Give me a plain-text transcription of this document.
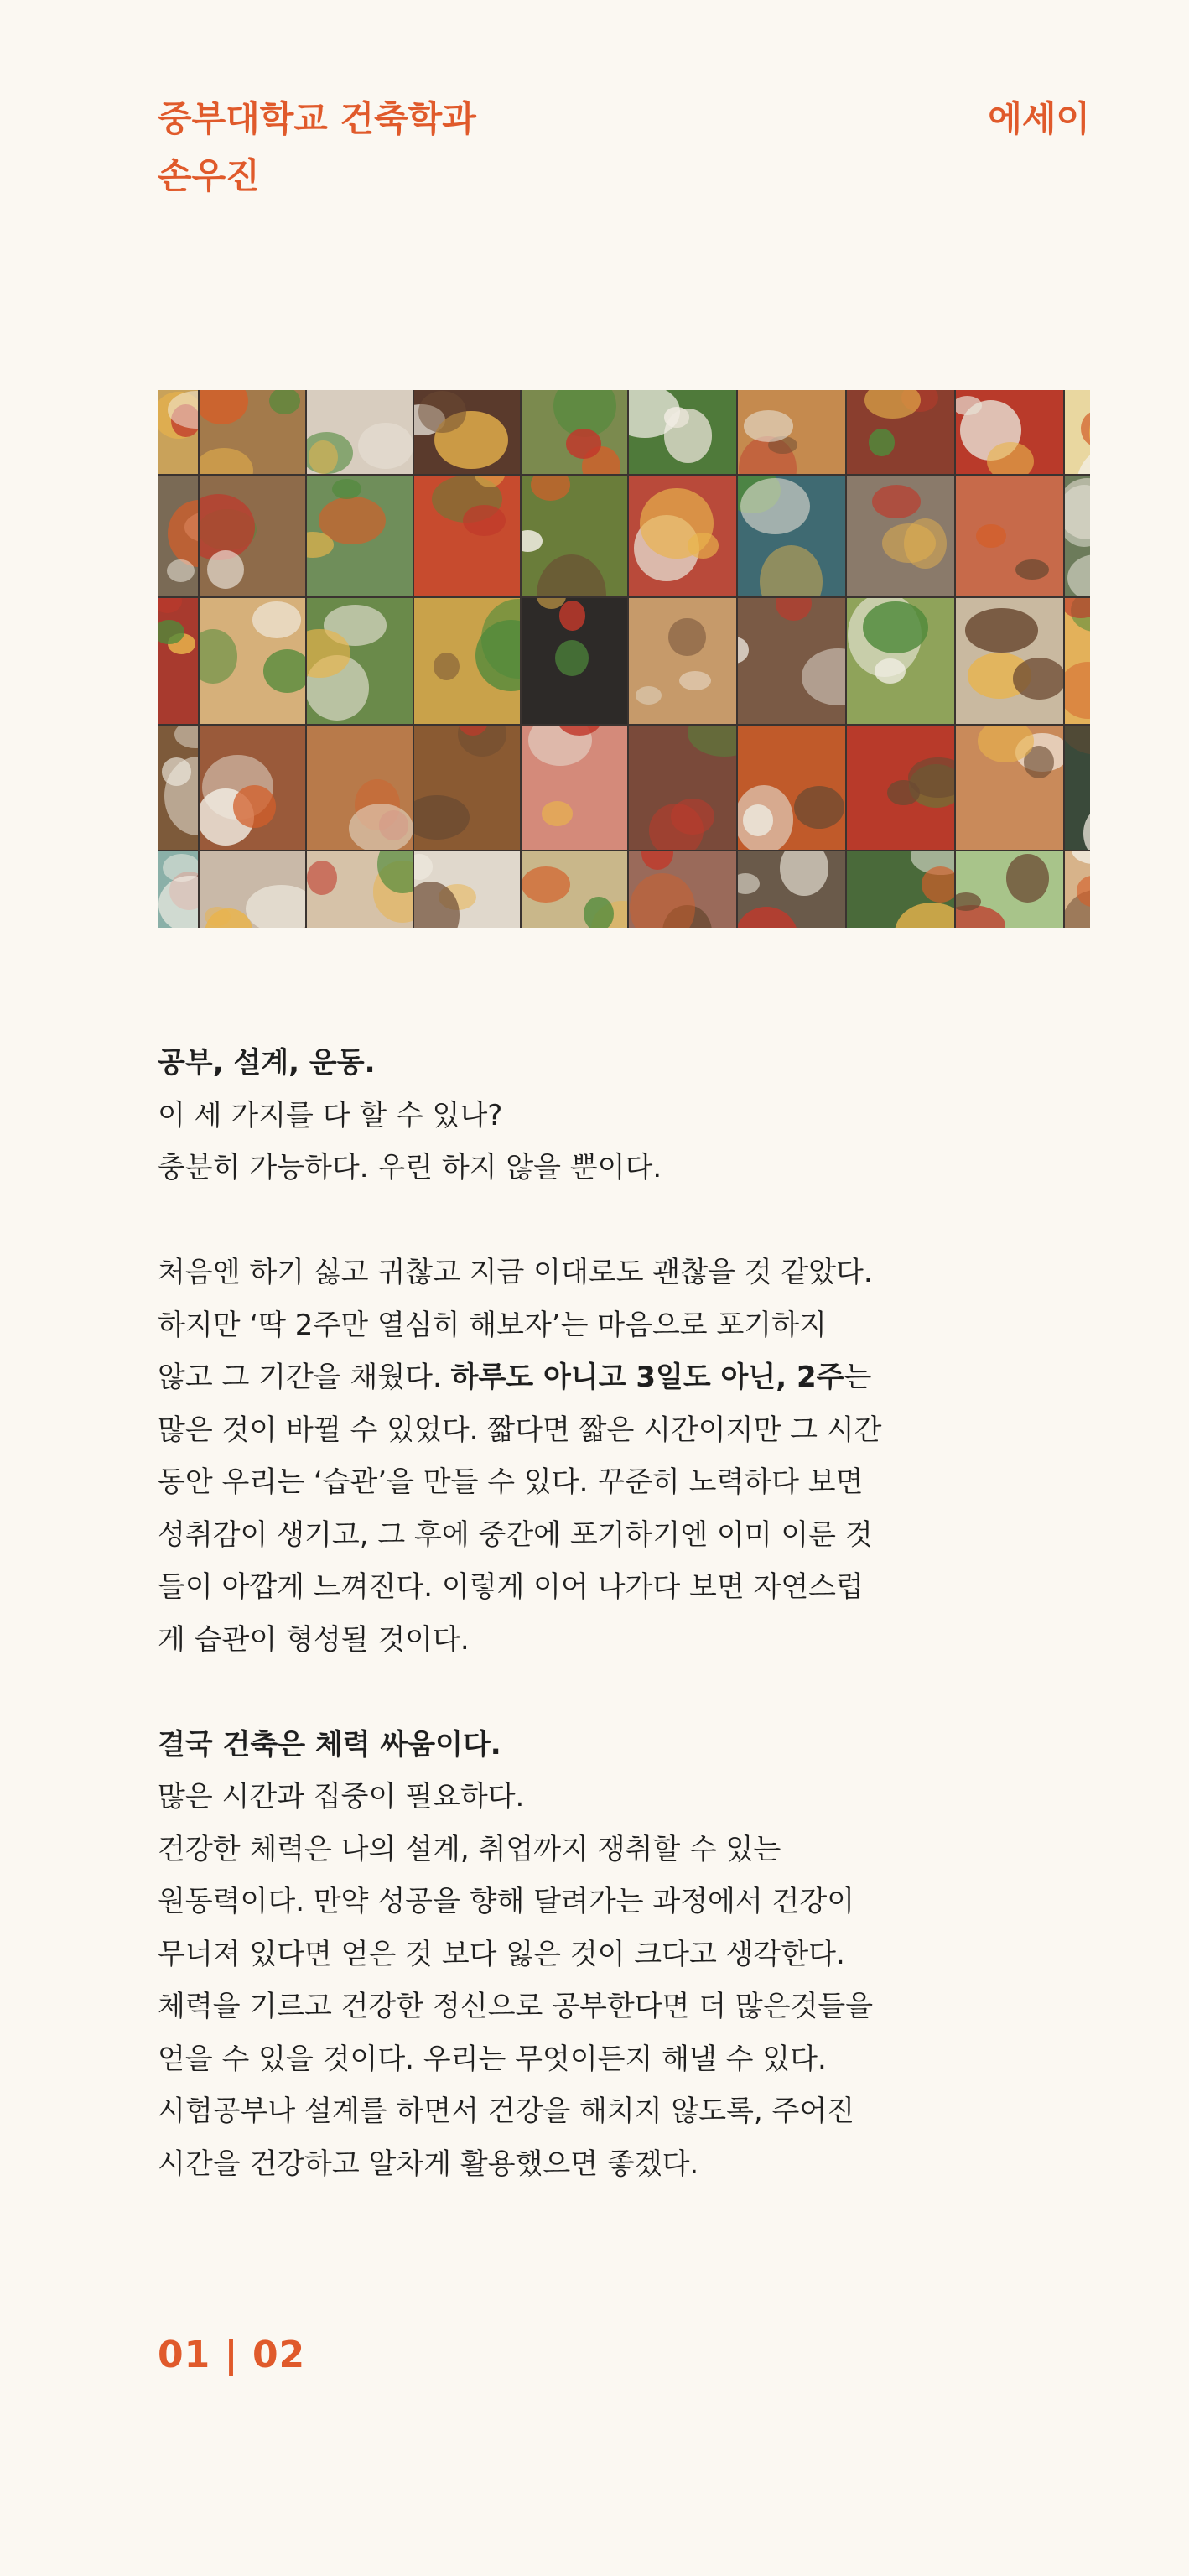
중부대학교 건축학과
손우진
에세이

공부, 설계, 운동.

이 세 가지를 다 할 수 있나?

충분히 가능하다. 우린 하지 않을 뿐이다.

처음엔 하기 싫고 귀찮고 지금 이대로도 괜찮을 것 같았다.

하지만 ‘딱 2주만 열심히 해보자’는 마음으로 포기하지

않고 그 기간을 채웠다. 하루도 아니고 3일도 아닌, 2주는

많은 것이 바뀔 수 있었다. 짧다면 짧은 시간이지만 그 시간

동안 우리는 ‘습관’을 만들 수 있다. 꾸준히 노력하다 보면

성취감이 생기고, 그 후에 중간에 포기하기엔 이미 이룬 것

들이 아깝게 느껴진다. 이렇게 이어 나가다 보면 자연스럽

게 습관이 형성될 것이다.

결국 건축은 체력 싸움이다.

많은 시간과 집중이 필요하다.

건강한 체력은 나의 설계, 취업까지 쟁취할 수 있는

원동력이다. 만약 성공을 향해 달려가는 과정에서 건강이

무너져 있다면 얻은 것 보다 잃은 것이 크다고 생각한다.

체력을 기르고 건강한 정신으로 공부한다면 더 많은것들을

얻을 수 있을 것이다. 우리는 무엇이든지 해낼 수 있다.

시험공부나 설계를 하면서 건강을 해치지 않도록, 주어진

시간을 건강하고 알차게 활용했으면 좋겠다.

01 | 02
